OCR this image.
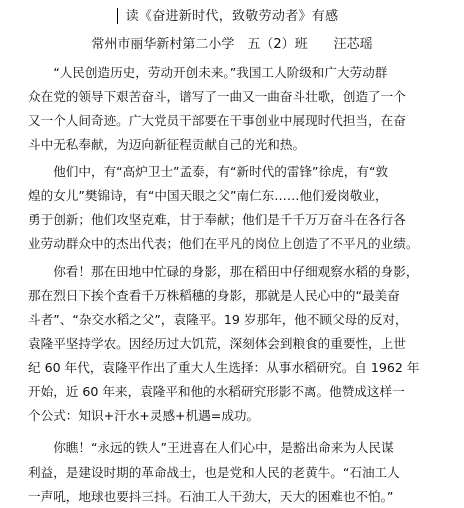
读《奋进新时代，致敬劳动者》有感
常州市丽华新村第二小学　五（2）班　　汪芯瑶
　　“人民创造历史，劳动开创未来。”我国工人阶级和广大劳动群
众在党的领导下艰苦奋斗，谱写了一曲又一曲奋斗壮歌，创造了一个
又一个人间奇迹。广大党员干部要在干事创业中展现时代担当，在奋
斗中无私奉献，为迈向新征程贡献自己的光和热。
　　他们中，有“高炉卫士”孟泰，有“新时代的雷锋”徐虎，有“敦
煌的女儿”樊锦诗，有“中国天眼之父”南仁东……他们爱岗敬业，
勇于创新；他们攻坚克难，甘于奉献；他们是千千万万奋斗在各行各
业劳动群众中的杰出代表；他们在平凡的岗位上创造了不平凡的业绩。
　　你看！那在田地中忙碌的身影，那在稻田中仔细观察水稻的身影，
那在烈日下挨个查看千万株稻穗的身影，那就是人民心中的“最美奋
斗者”、“杂交水稻之父”，袁隆平。19 岁那年，他不顾父母的反对，
袁隆平坚持学农。因经历过大饥荒，深刻体会到粮食的重要性，上世
纪 60 年代，袁隆平作出了重大人生选择：从事水稻研究。自 1962 年
开始，近 60 年来，袁隆平和他的水稻研究形影不离。他赞成这样一
个公式：知识+汗水+灵感+机遇=成功。
　　你瞧！“永远的铁人”王进喜在人们心中，是豁出命来为人民谋
利益，是建设时期的革命战士，也是党和人民的老黄牛。“石油工人
一声吼，地球也要抖三抖。石油工人干劲大，天大的困难也不怕。”
